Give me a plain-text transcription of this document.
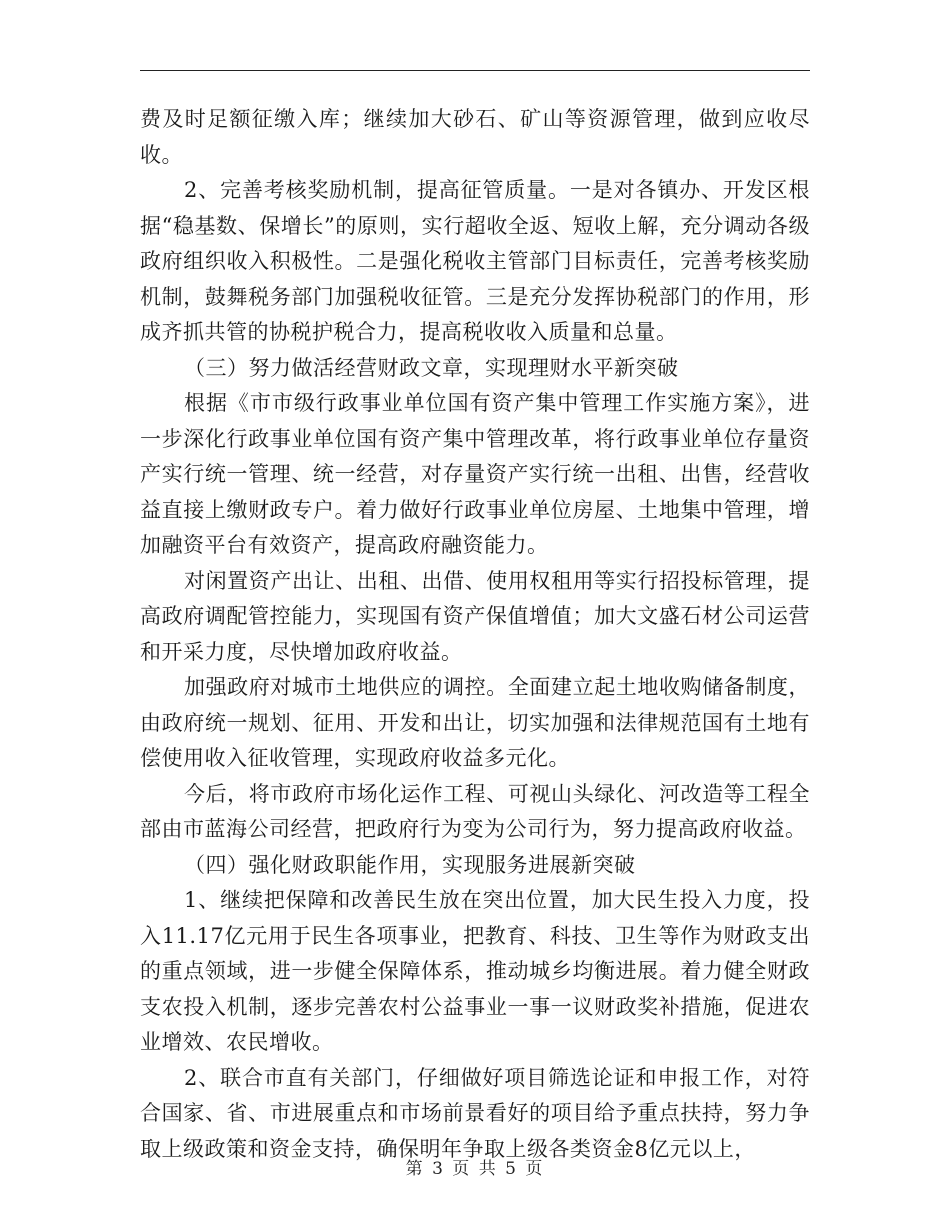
费及时足额征缴入库；继续加大砂石、矿山等资源管理，做到应收尽收。

2、完善考核奖励机制，提高征管质量。一是对各镇办、开发区根据“稳基数、保增长”的原则，实行超收全返、短收上解，充分调动各级政府组织收入积极性。二是强化税收主管部门目标责任，完善考核奖励机制，鼓舞税务部门加强税收征管。三是充分发挥协税部门的作用，形成齐抓共管的协税护税合力，提高税收收入质量和总量。

（三）努力做活经营财政文章，实现理财水平新突破

根据《市市级行政事业单位国有资产集中管理工作实施方案》，进一步深化行政事业单位国有资产集中管理改革，将行政事业单位存量资产实行统一管理、统一经营，对存量资产实行统一出租、出售，经营收益直接上缴财政专户。着力做好行政事业单位房屋、土地集中管理，增加融资平台有效资产，提高政府融资能力。

对闲置资产出让、出租、出借、使用权租用等实行招投标管理，提高政府调配管控能力，实现国有资产保值增值；加大文盛石材公司运营和开采力度，尽快增加政府收益。

加强政府对城市土地供应的调控。全面建立起土地收购储备制度，由政府统一规划、征用、开发和出让，切实加强和法律规范国有土地有偿使用收入征收管理，实现政府收益多元化。

今后，将市政府市场化运作工程、可视山头绿化、河改造等工程全部由市蓝海公司经营，把政府行为变为公司行为，努力提高政府收益。

（四）强化财政职能作用，实现服务进展新突破

1、继续把保障和改善民生放在突出位置，加大民生投入力度，投入11.17亿元用于民生各项事业，把教育、科技、卫生等作为财政支出的重点领域，进一步健全保障体系，推动城乡均衡进展。着力健全财政支农投入机制，逐步完善农村公益事业一事一议财政奖补措施，促进农业增效、农民增收。

2、联合市直有关部门，仔细做好项目筛选论证和申报工作，对符合国家、省、市进展重点和市场前景看好的项目给予重点扶持，努力争取上级政策和资金支持，确保明年争取上级各类资金8亿元以上，

第 3 页 共 5 页
